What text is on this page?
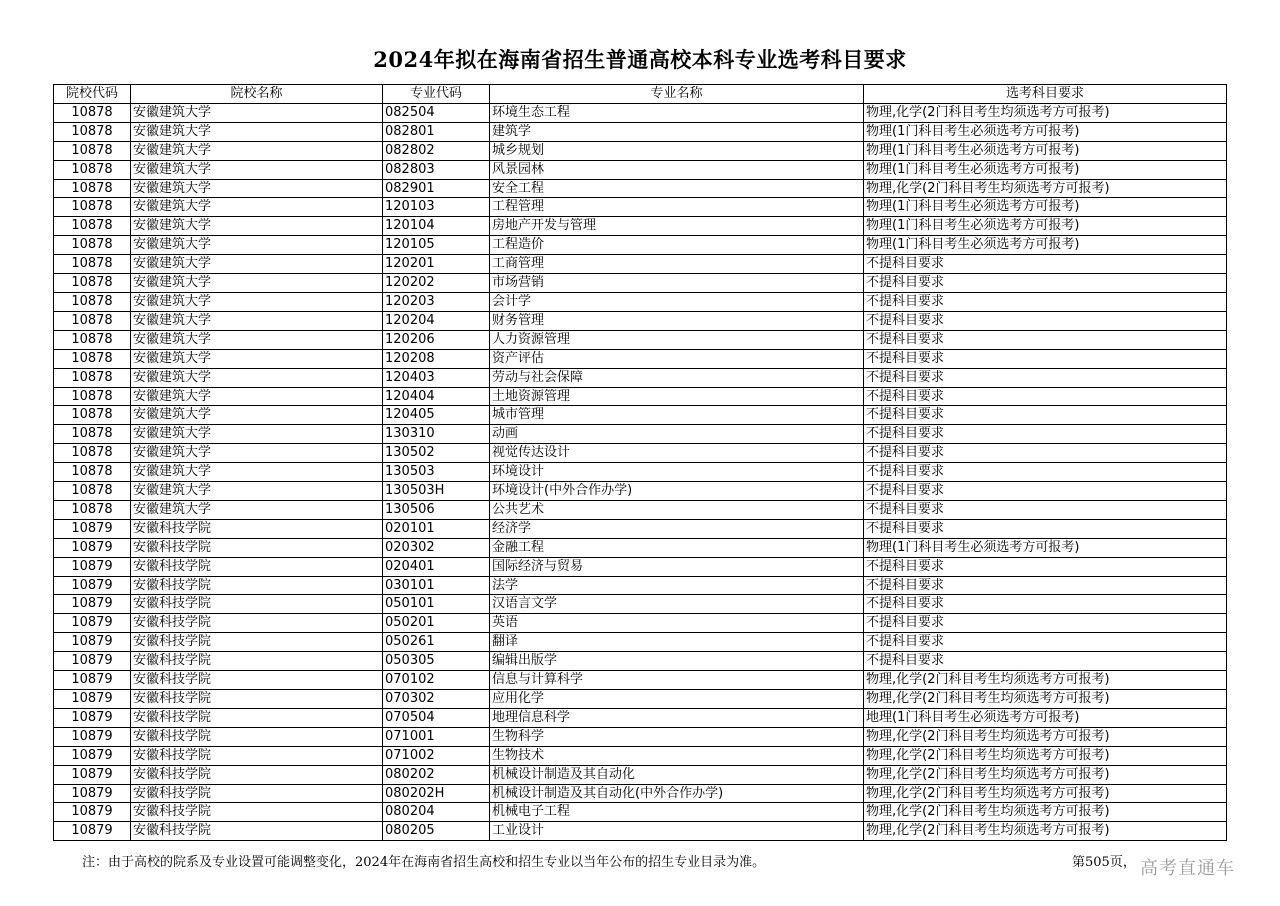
2024年拟在海南省招生普通高校本科专业选考科目要求
院校代码	院校名称	专业代码	专业名称	选考科目要求
10878	安徽建筑大学	082504	环境生态工程	物理,化学(2门科目考生均须选考方可报考)
10878	安徽建筑大学	082801	建筑学	物理(1门科目考生必须选考方可报考)
10878	安徽建筑大学	082802	城乡规划	物理(1门科目考生必须选考方可报考)
10878	安徽建筑大学	082803	风景园林	物理(1门科目考生必须选考方可报考)
10878	安徽建筑大学	082901	安全工程	物理,化学(2门科目考生均须选考方可报考)
10878	安徽建筑大学	120103	工程管理	物理(1门科目考生必须选考方可报考)
10878	安徽建筑大学	120104	房地产开发与管理	物理(1门科目考生必须选考方可报考)
10878	安徽建筑大学	120105	工程造价	物理(1门科目考生必须选考方可报考)
10878	安徽建筑大学	120201	工商管理	不提科目要求
10878	安徽建筑大学	120202	市场营销	不提科目要求
10878	安徽建筑大学	120203	会计学	不提科目要求
10878	安徽建筑大学	120204	财务管理	不提科目要求
10878	安徽建筑大学	120206	人力资源管理	不提科目要求
10878	安徽建筑大学	120208	资产评估	不提科目要求
10878	安徽建筑大学	120403	劳动与社会保障	不提科目要求
10878	安徽建筑大学	120404	土地资源管理	不提科目要求
10878	安徽建筑大学	120405	城市管理	不提科目要求
10878	安徽建筑大学	130310	动画	不提科目要求
10878	安徽建筑大学	130502	视觉传达设计	不提科目要求
10878	安徽建筑大学	130503	环境设计	不提科目要求
10878	安徽建筑大学	130503H	环境设计(中外合作办学)	不提科目要求
10878	安徽建筑大学	130506	公共艺术	不提科目要求
10879	安徽科技学院	020101	经济学	不提科目要求
10879	安徽科技学院	020302	金融工程	物理(1门科目考生必须选考方可报考)
10879	安徽科技学院	020401	国际经济与贸易	不提科目要求
10879	安徽科技学院	030101	法学	不提科目要求
10879	安徽科技学院	050101	汉语言文学	不提科目要求
10879	安徽科技学院	050201	英语	不提科目要求
10879	安徽科技学院	050261	翻译	不提科目要求
10879	安徽科技学院	050305	编辑出版学	不提科目要求
10879	安徽科技学院	070102	信息与计算科学	物理,化学(2门科目考生均须选考方可报考)
10879	安徽科技学院	070302	应用化学	物理,化学(2门科目考生均须选考方可报考)
10879	安徽科技学院	070504	地理信息科学	地理(1门科目考生必须选考方可报考)
10879	安徽科技学院	071001	生物科学	物理,化学(2门科目考生均须选考方可报考)
10879	安徽科技学院	071002	生物技术	物理,化学(2门科目考生均须选考方可报考)
10879	安徽科技学院	080202	机械设计制造及其自动化	物理,化学(2门科目考生均须选考方可报考)
10879	安徽科技学院	080202H	机械设计制造及其自动化(中外合作办学)	物理,化学(2门科目考生均须选考方可报考)
10879	安徽科技学院	080204	机械电子工程	物理,化学(2门科目考生均须选考方可报考)
10879	安徽科技学院	080205	工业设计	物理,化学(2门科目考生均须选考方可报考)
注：由于高校的院系及专业设置可能调整变化，2024年在海南省招生高校和招生专业以当年公布的招生专业目录为准。	第505页， 高考直通车
